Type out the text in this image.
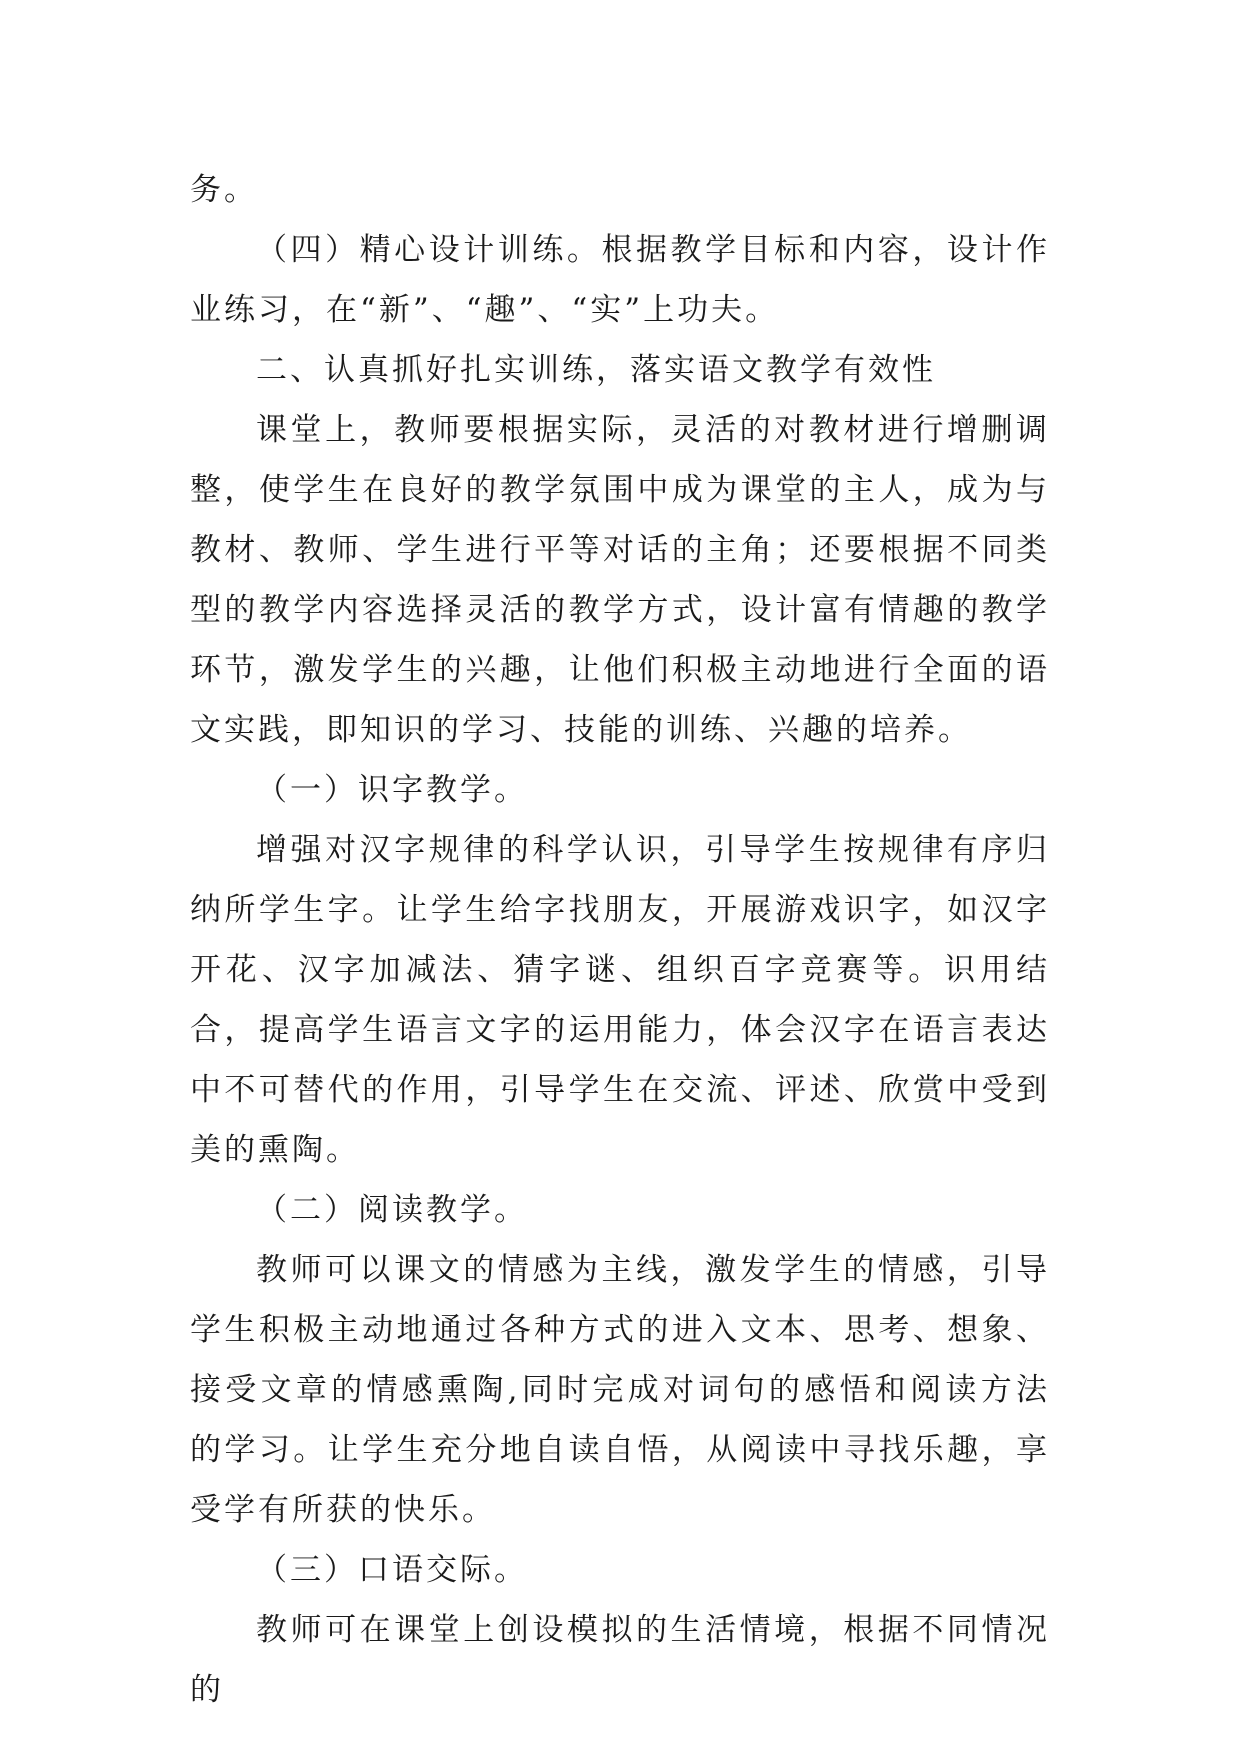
务。

（四）精心设计训练。根据教学目标和内容，设计作业练习，在“新”、“趣”、“实”上功夫。

二、认真抓好扎实训练，落实语文教学有效性

课堂上，教师要根据实际，灵活的对教材进行增删调整，使学生在良好的教学氛围中成为课堂的主人，成为与教材、教师、学生进行平等对话的主角；还要根据不同类型的教学内容选择灵活的教学方式，设计富有情趣的教学环节，激发学生的兴趣，让他们积极主动地进行全面的语文实践，即知识的学习、技能的训练、兴趣的培养。

（一）识字教学。

增强对汉字规律的科学认识，引导学生按规律有序归纳所学生字。让学生给字找朋友，开展游戏识字，如汉字开花、汉字加减法、猜字谜、组织百字竞赛等。识用结合，提高学生语言文字的运用能力，体会汉字在语言表达中不可替代的作用，引导学生在交流、评述、欣赏中受到美的熏陶。

（二）阅读教学。

教师可以课文的情感为主线，激发学生的情感，引导学生积极主动地通过各种方式的进入文本、思考、想象、接受文章的情感熏陶,同时完成对词句的感悟和阅读方法的学习。让学生充分地自读自悟，从阅读中寻找乐趣，享受学有所获的快乐。

（三）口语交际。

教师可在课堂上创设模拟的生活情境，根据不同情况的
